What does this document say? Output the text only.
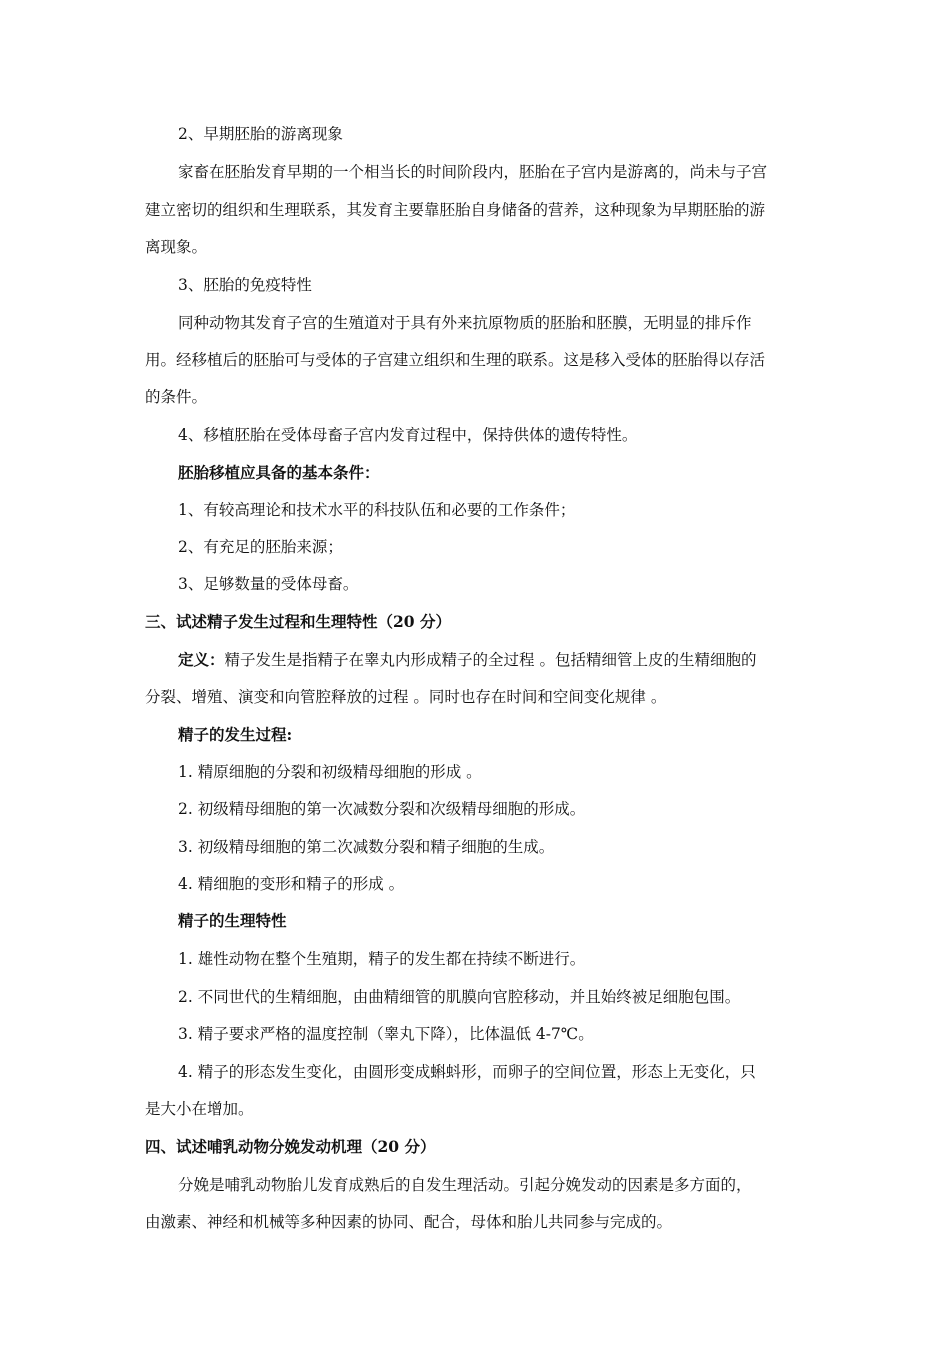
2、早期胚胎的游离现象
家畜在胚胎发育早期的一个相当长的时间阶段内，胚胎在子宫内是游离的，尚未与子宫
建立密切的组织和生理联系，其发育主要靠胚胎自身储备的营养，这种现象为早期胚胎的游
离现象。
3、胚胎的免疫特性
同种动物其发育子宫的生殖道对于具有外来抗原物质的胚胎和胚膜，无明显的排斥作
用。经移植后的胚胎可与受体的子宫建立组织和生理的联系。这是移入受体的胚胎得以存活
的条件。
4、移植胚胎在受体母畜子宫内发育过程中，保持供体的遗传特性。
胚胎移植应具备的基本条件：
1、有较高理论和技术水平的科技队伍和必要的工作条件；
2、有充足的胚胎来源；
3、足够数量的受体母畜。
三、试述精子发生过程和生理特性（20 分）
定义：精子发生是指精子在睾丸内形成精子的全过程 。包括精细管上皮的生精细胞的
分裂、增殖、演变和向管腔释放的过程 。同时也存在时间和空间变化规律 。
精子的发生过程:
1. 精原细胞的分裂和初级精母细胞的形成 。
2. 初级精母细胞的第一次减数分裂和次级精母细胞的形成。
3. 初级精母细胞的第二次减数分裂和精子细胞的生成。
4. 精细胞的变形和精子的形成 。
精子的生理特性
1. 雄性动物在整个生殖期，精子的发生都在持续不断进行。
2. 不同世代的生精细胞，由曲精细管的肌膜向官腔移动，并且始终被足细胞包围。
3. 精子要求严格的温度控制（睾丸下降），比体温低 4-7℃。
4. 精子的形态发生变化，由圆形变成蝌蚪形，而卵子的空间位置，形态上无变化，只
是大小在增加。
四、试述哺乳动物分娩发动机理（20 分）
分娩是哺乳动物胎儿发育成熟后的自发生理活动。引起分娩发动的因素是多方面的，
由激素、神经和机械等多种因素的协同、配合，母体和胎儿共同参与完成的。
